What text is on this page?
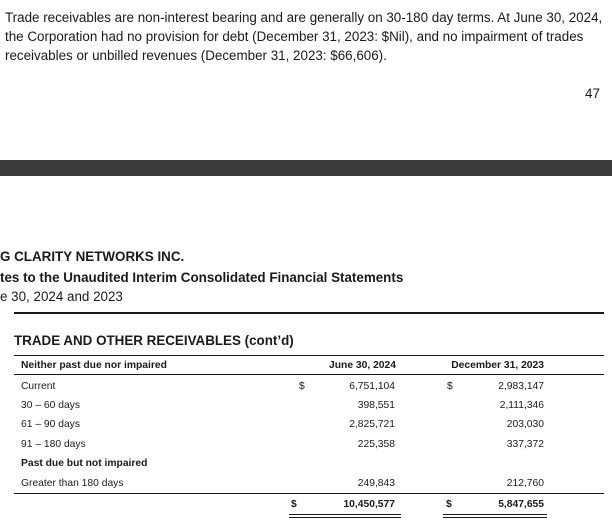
Trade receivables are non-interest bearing and are generally on 30-180 day terms. At June 30, 2024,
the Corporation had no provision for debt (December 31, 2023: $Nil), and no impairment of trades
receivables or unbilled revenues (December 31, 2023: $66,606).
47
G CLARITY NETWORKS INC.
tes to the Unaudited Interim Consolidated Financial Statements
e 30, 2024 and 2023
TRADE AND OTHER RECEIVABLES (cont’d)
Neither past due nor impaired	June 30, 2024	December 31, 2023
Current	$	6,751,104	$	2,983,147
30 – 60 days	398,551	2,111,346
61 – 90 days	2,825,721	203,030
91 – 180 days	225,358	337,372
Past due but not impaired
Greater than 180 days	249,843	212,760
$	10,450,577	$	5,847,655
